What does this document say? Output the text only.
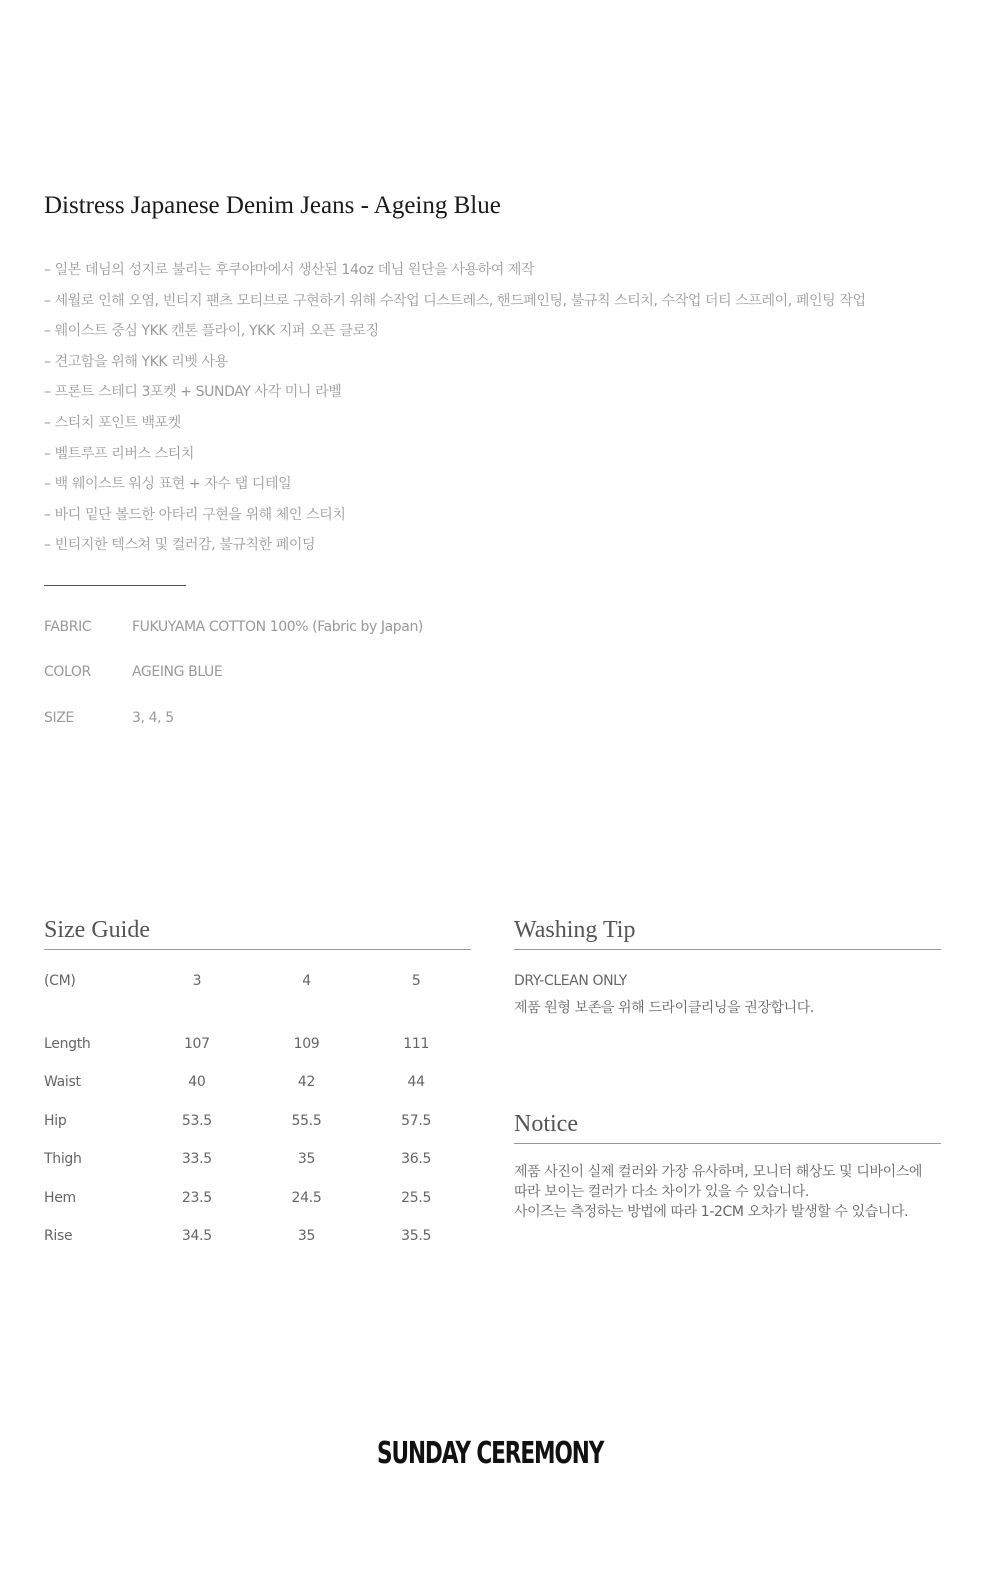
Distress Japanese Denim Jeans - Ageing Blue
– 일본 데님의 성지로 불리는 후쿠야마에서 생산된 14oz 데님 원단을 사용하여 제작
– 세월로 인해 오염, 빈티지 팬츠 모티브로 구현하기 위해 수작업 디스트레스, 핸드페인팅, 불규칙 스티치, 수작업 더티 스프레이, 페인팅 작업
– 웨이스트 중심 YKK 캔톤 플라이, YKK 지퍼 오픈 클로징
– 견고함을 위해 YKK 리벳 사용
– 프론트 스테디 3포켓 + SUNDAY 사각 미니 라벨
– 스티치 포인트 백포켓
– 벨트루프 리버스 스티치
– 백 웨이스트 워싱 표현 + 자수 탭 디테일
– 바디 밑단 볼드한 아타리 구현을 위해 체인 스티치
– 빈티지한 텍스쳐 및 컬러감, 불규칙한 페이딩
FABRIC	FUKUYAMA COTTON 100% (Fabric by Japan)
COLOR	AGEING BLUE
SIZE	3, 4, 5
Size Guide
(CM)	3	4	5
Length	107	109	111
Waist	40	42	44
Hip	53.5	55.5	57.5
Thigh	33.5	35	36.5
Hem	23.5	24.5	25.5
Rise	34.5	35	35.5
Washing Tip

DRY-CLEAN ONLY

제품 원형 보존을 위해 드라이클리닝을 권장합니다.

Notice

제품 사진이 실제 컬러와 가장 유사하며, 모니터 해상도 및 디바이스에

따라 보이는 컬러가 다소 차이가 있을 수 있습니다.

사이즈는 측정하는 방법에 따라 1-2CM 오차가 발생할 수 있습니다.

SUNDAY CEREMONY
